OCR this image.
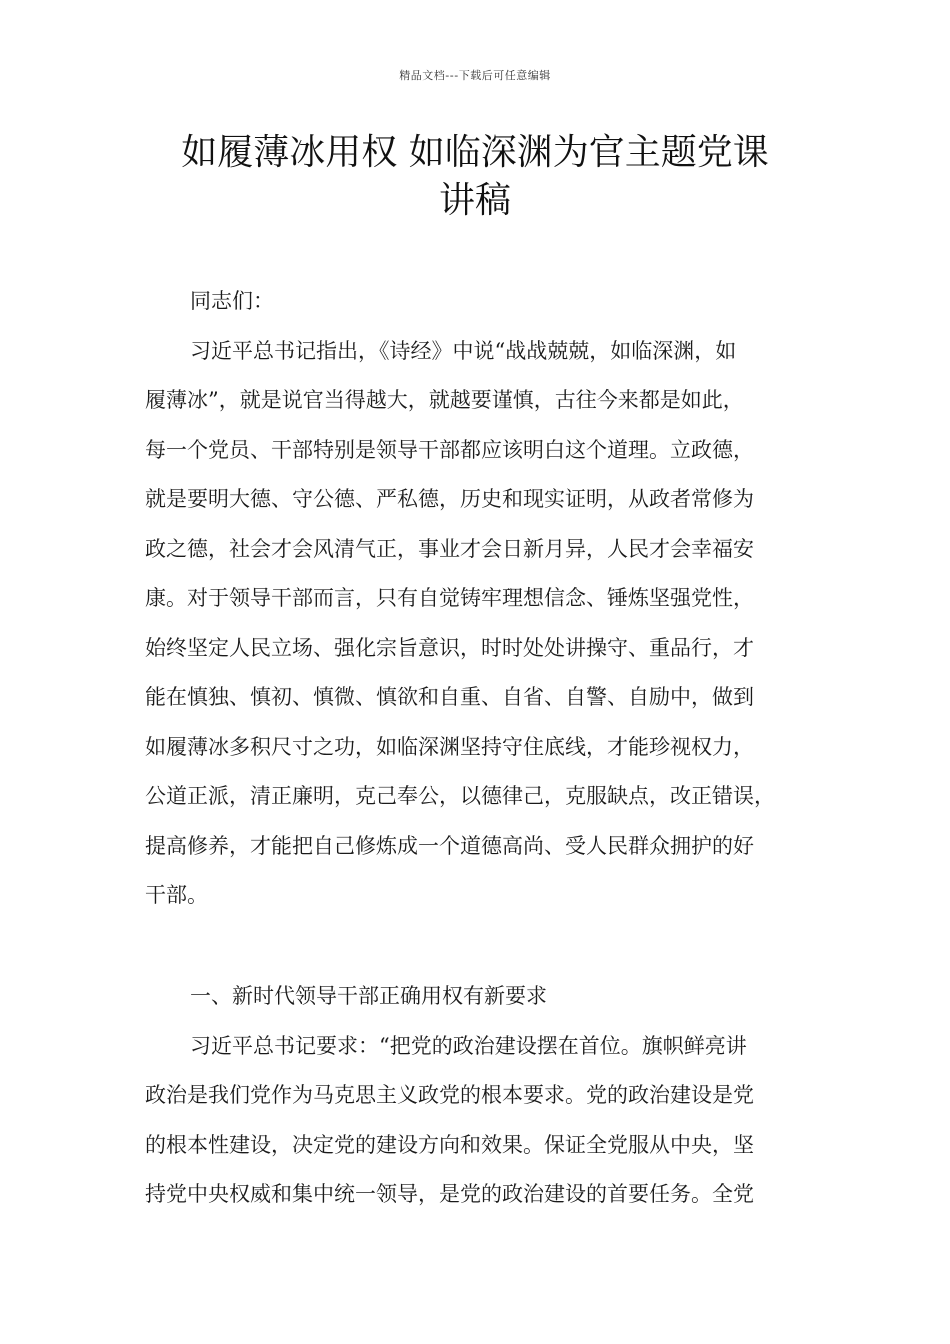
精品文档---下载后可任意编辑
如履薄冰用权 如临深渊为官主题党课
讲稿
同志们：
习近平总书记指出，《诗经》中说“战战兢兢，如临深渊，如
履薄冰”，就是说官当得越大，就越要谨慎，古往今来都是如此，
每一个党员、干部特别是领导干部都应该明白这个道理。立政德，
就是要明大德、守公德、严私德，历史和现实证明，从政者常修为
政之德，社会才会风清气正，事业才会日新月异，人民才会幸福安
康。对于领导干部而言，只有自觉铸牢理想信念、锤炼坚强党性，
始终坚定人民立场、强化宗旨意识，时时处处讲操守、重品行，才
能在慎独、慎初、慎微、慎欲和自重、自省、自警、自励中，做到
如履薄冰多积尺寸之功，如临深渊坚持守住底线，才能珍视权力，
公道正派，清正廉明，克己奉公，以德律己，克服缺点，改正错误，
提高修养，才能把自己修炼成一个道德高尚、受人民群众拥护的好
干部。
一、新时代领导干部正确用权有新要求
习近平总书记要求：“把党的政治建设摆在首位。旗帜鲜亮讲
政治是我们党作为马克思主义政党的根本要求。党的政治建设是党
的根本性建设，决定党的建设方向和效果。保证全党服从中央，坚
持党中央权威和集中统一领导，是党的政治建设的首要任务。全党
